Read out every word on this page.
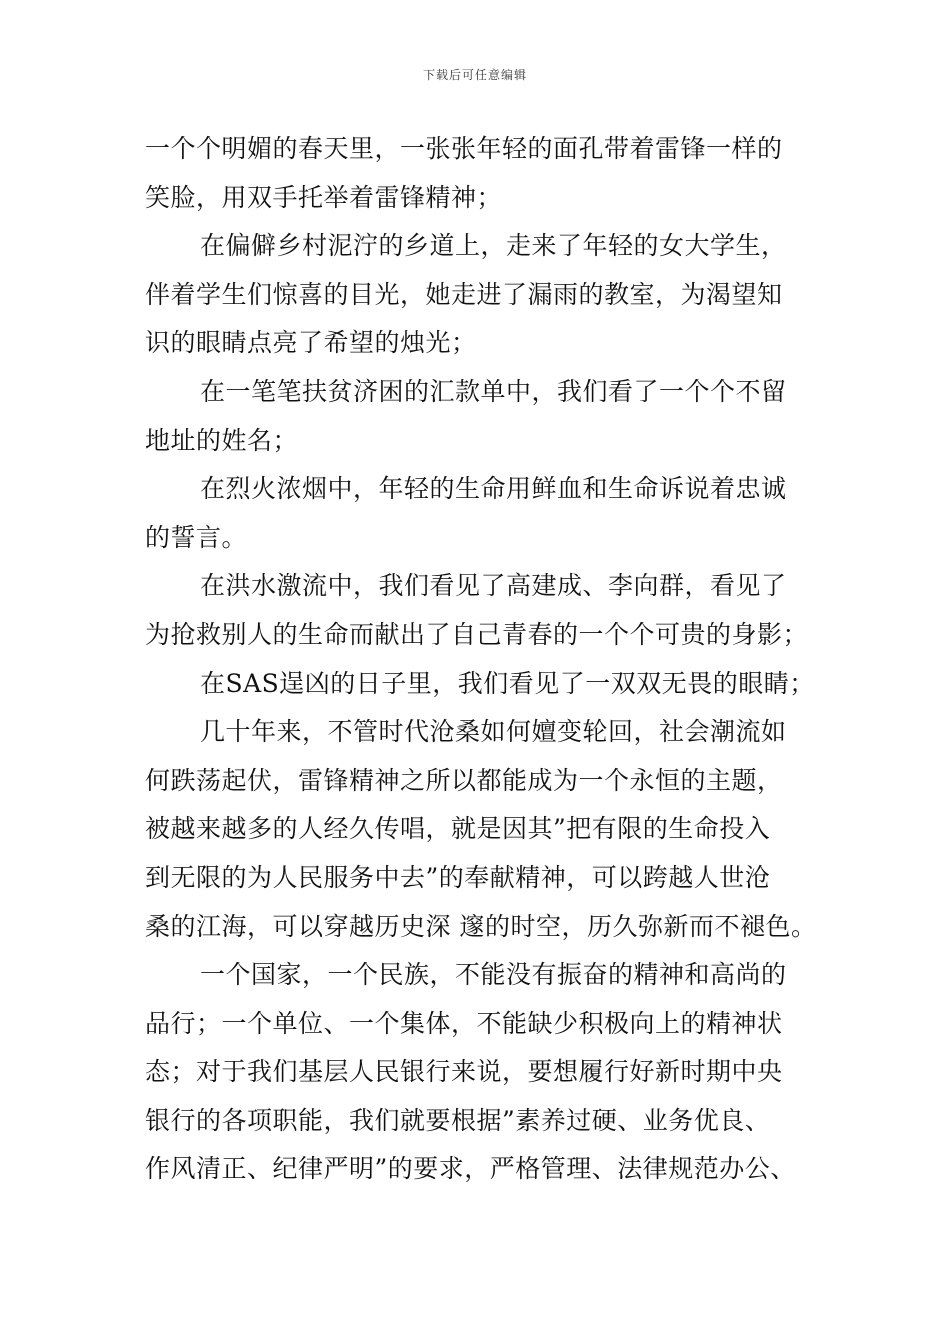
下载后可任意编辑
一个个明媚的春天里，一张张年轻的面孔带着雷锋一样的
笑脸，用双手托举着雷锋精神；
在偏僻乡村泥泞的乡道上，走来了年轻的女大学生，
伴着学生们惊喜的目光，她走进了漏雨的教室，为渴望知
识的眼睛点亮了希望的烛光；
在一笔笔扶贫济困的汇款单中，我们看了一个个不留
地址的姓名；
在烈火浓烟中，年轻的生命用鲜血和生命诉说着忠诚
的誓言。
在洪水激流中，我们看见了高建成、李向群，看见了
为抢救别人的生命而献出了自己青春的一个个可贵的身影；
在SAS逞凶的日子里，我们看见了一双双无畏的眼睛；
几十年来，不管时代沧桑如何嬗变轮回，社会潮流如
何跌荡起伏，雷锋精神之所以都能成为一个永恒的主题，
被越来越多的人经久传唱，就是因其”把有限的生命投入
到无限的为人民服务中去”的奉献精神，可以跨越人世沧
桑的江海，可以穿越历史深 邃的时空，历久弥新而不褪色。
一个国家，一个民族，不能没有振奋的精神和高尚的
品行；一个单位、一个集体，不能缺少积极向上的精神状
态；对于我们基层人民银行来说，要想履行好新时期中央
银行的各项职能，我们就要根据”素养过硬、业务优良、
作风清正、纪律严明”的要求，严格管理、法律规范办公、
